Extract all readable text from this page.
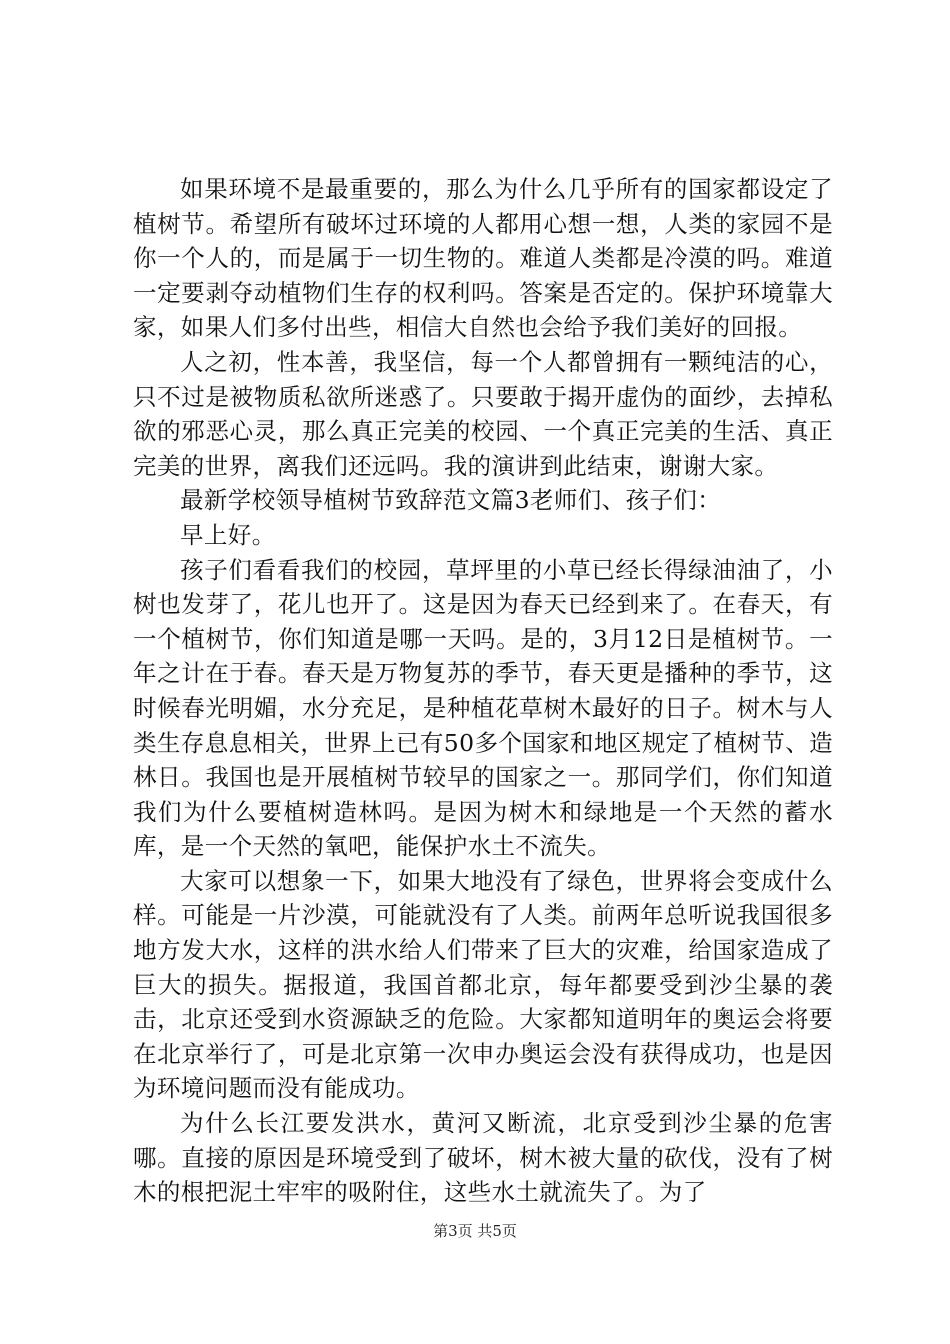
如果环境不是最重要的，那么为什么几乎所有的国家都设定了植树节。希望所有破坏过环境的人都用心想一想，人类的家园不是你一个人的，而是属于一切生物的。难道人类都是冷漠的吗。难道一定要剥夺动植物们生存的权利吗。答案是否定的。保护环境靠大家，如果人们多付出些，相信大自然也会给予我们美好的回报。

人之初，性本善，我坚信，每一个人都曾拥有一颗纯洁的心，只不过是被物质私欲所迷惑了。只要敢于揭开虚伪的面纱，去掉私欲的邪恶心灵，那么真正完美的校园、一个真正完美的生活、真正完美的世界，离我们还远吗。我的演讲到此结束，谢谢大家。

最新学校领导植树节致辞范文篇3老师们、孩子们：

早上好。

孩子们看看我们的校园，草坪里的小草已经长得绿油油了，小树也发芽了，花儿也开了。这是因为春天已经到来了。在春天，有一个植树节，你们知道是哪一天吗。是的，3月12日是植树节。一年之计在于春。春天是万物复苏的季节，春天更是播种的季节，这时候春光明媚，水分充足，是种植花草树木最好的日子。树木与人类生存息息相关，世界上已有50多个国家和地区规定了植树节、造林日。我国也是开展植树节较早的国家之一。那同学们，你们知道我们为什么要植树造林吗。是因为树木和绿地是一个天然的蓄水库，是一个天然的氧吧，能保护水土不流失。

大家可以想象一下，如果大地没有了绿色，世界将会变成什么样。可能是一片沙漠，可能就没有了人类。前两年总听说我国很多地方发大水，这样的洪水给人们带来了巨大的灾难，给国家造成了巨大的损失。据报道，我国首都北京，每年都要受到沙尘暴的袭击，北京还受到水资源缺乏的危险。大家都知道明年的奥运会将要在北京举行了，可是北京第一次申办奥运会没有获得成功，也是因为环境问题而没有能成功。

为什么长江要发洪水，黄河又断流，北京受到沙尘暴的危害哪。直接的原因是环境受到了破坏，树木被大量的砍伐，没有了树木的根把泥土牢牢的吸附住，这些水土就流失了。为了

第3页 共5页
